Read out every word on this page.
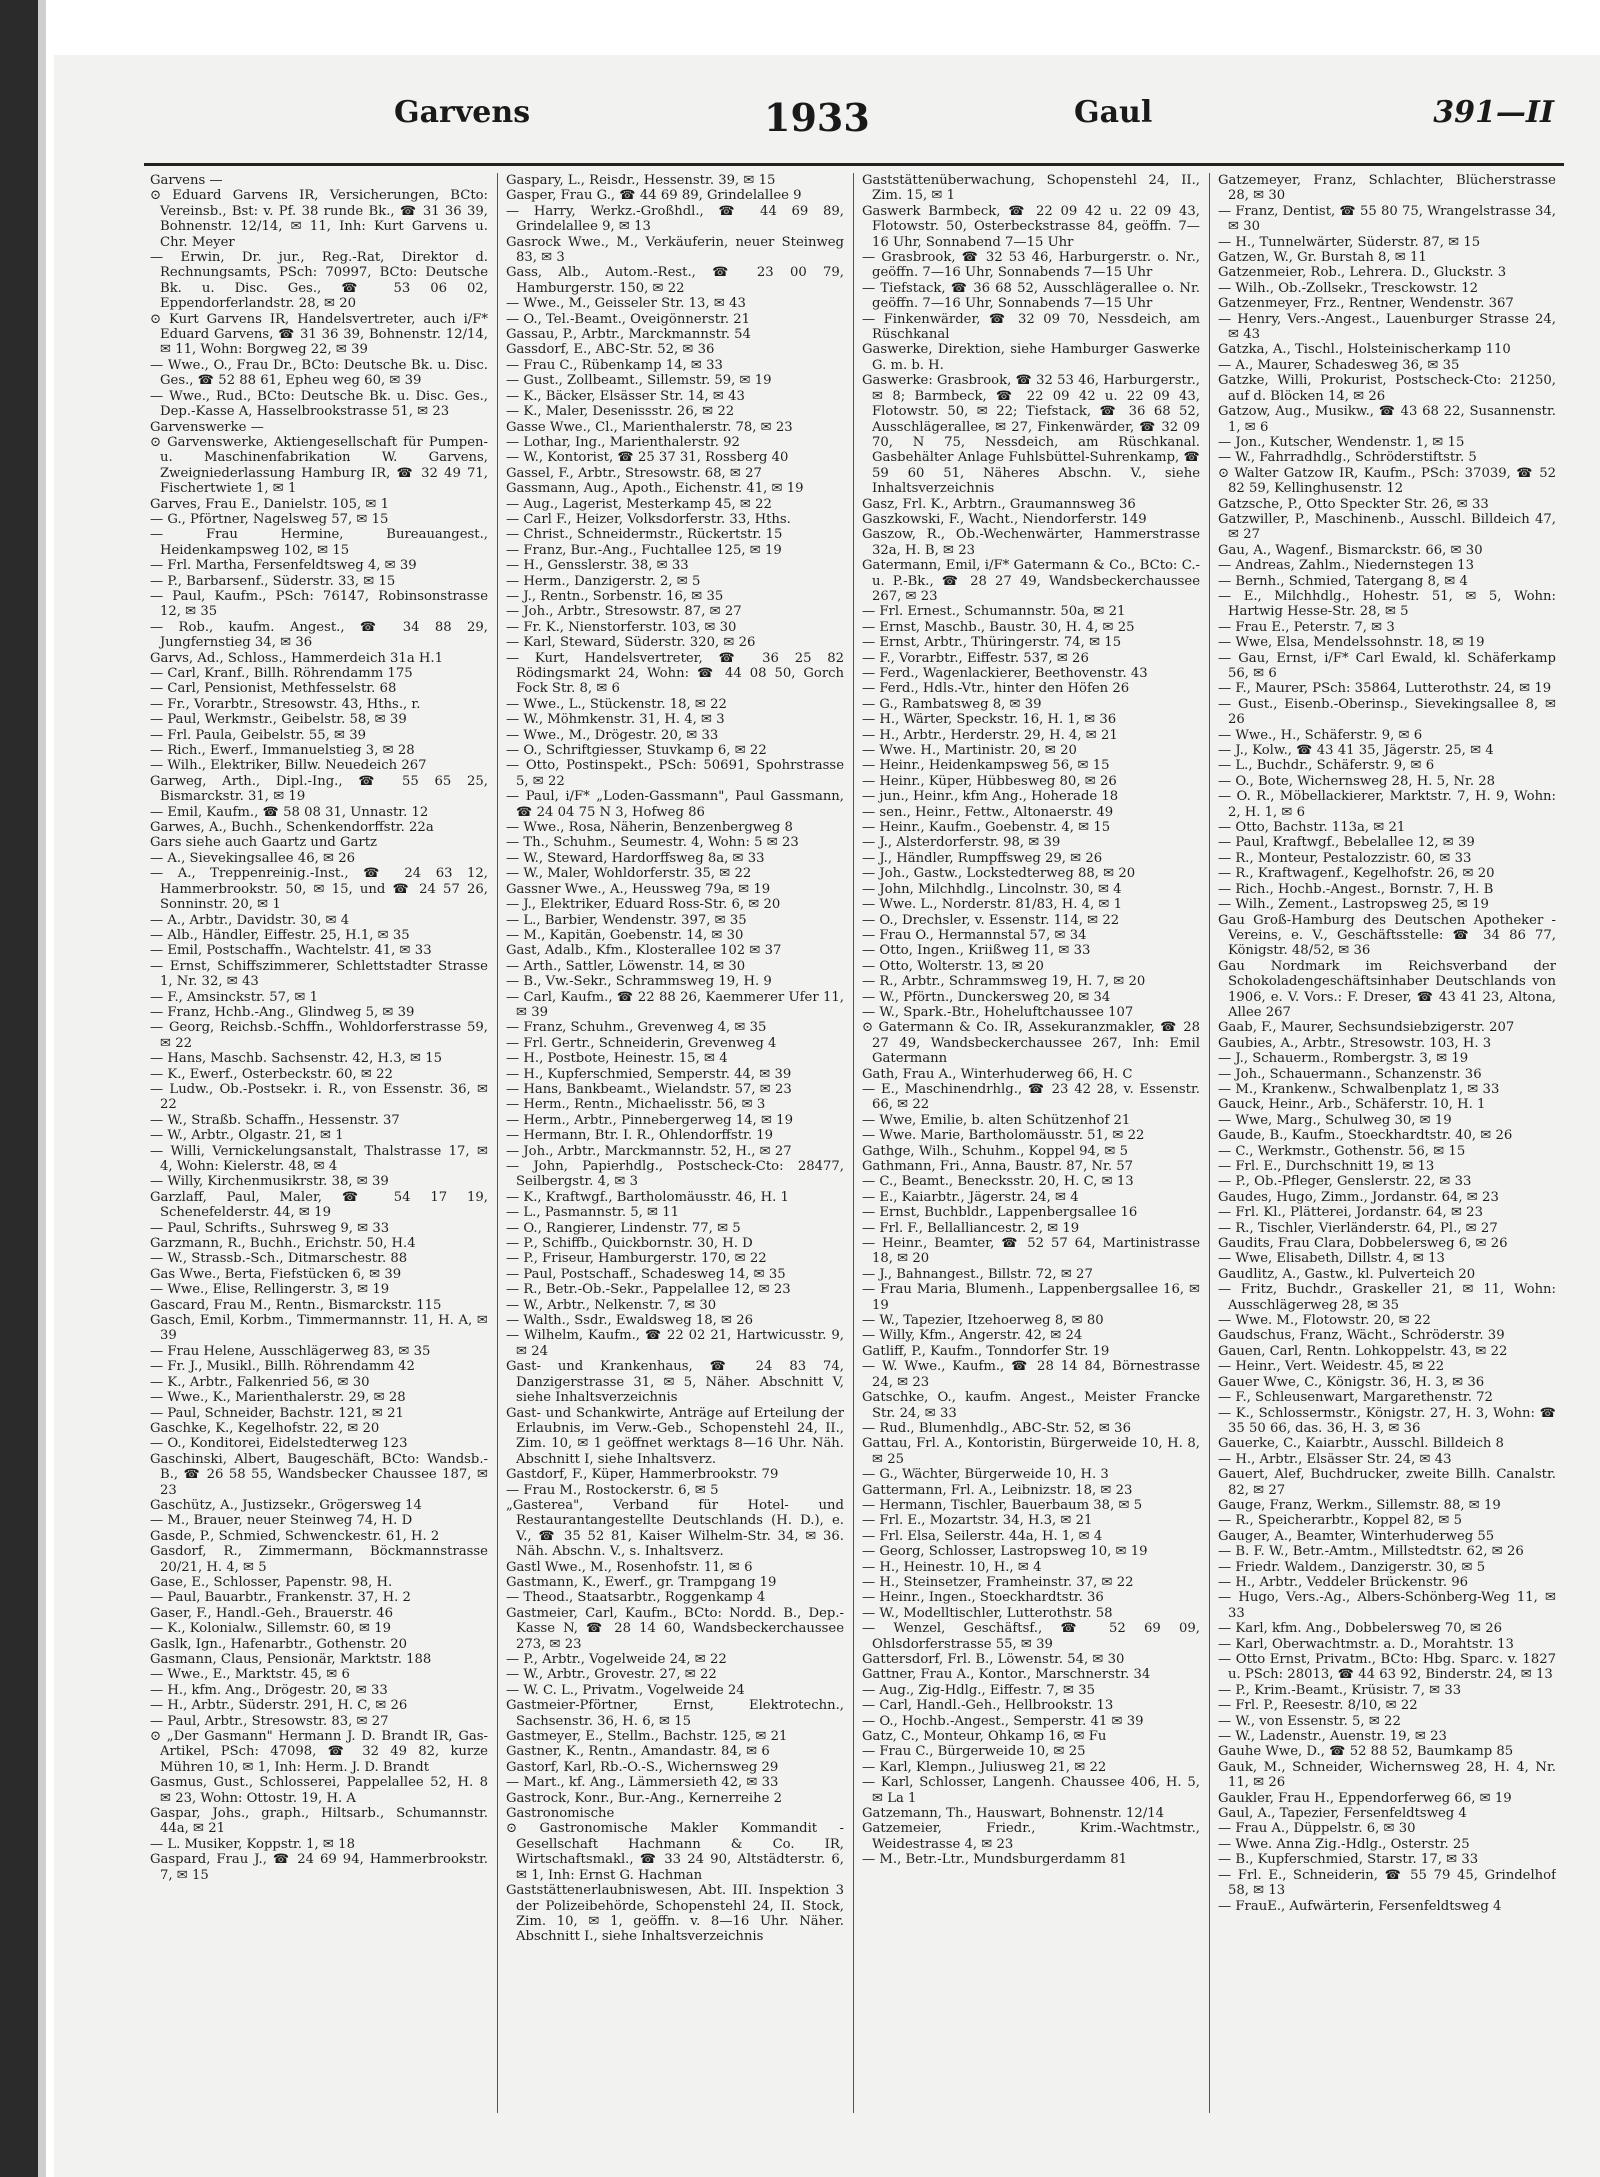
Garvens	1933	Gaul	391—II

Garvens —

⊙ Eduard Garvens IR, Versicherungen, BCto: Vereinsb., Bst: v. Pf. 38 runde Bk., ☎ 31 36 39, Bohnenstr. 12/14, ✉ 11, Inh: Kurt Garvens u. Chr. Meyer

— Erwin, Dr. jur., Reg.-Rat, Direktor d. Rechnungsamts, PSch: 70997, BCto: Deutsche Bk. u. Disc. Ges., ☎ 53 06 02, Eppendorferlandstr. 28, ✉ 20

⊙ Kurt Garvens IR, Handelsvertreter, auch i/F* Eduard Garvens, ☎ 31 36 39, Bohnenstr. 12/14, ✉ 11, Wohn: Borgweg 22, ✉ 39

— Wwe., O., Frau Dr., BCto: Deutsche Bk. u. Disc. Ges., ☎ 52 88 61, Epheu weg 60, ✉ 39

— Wwe., Rud., BCto: Deutsche Bk. u. Disc. Ges., Dep.-Kasse A, Hasselbrookstrasse 51, ✉ 23

Garvenswerke —

⊙ Garvenswerke, Aktiengesellschaft für Pumpen- u. Maschinenfabrikation W. Garvens, Zweigniederlassung Hamburg IR, ☎ 32 49 71, Fischertwiete 1, ✉ 1

Garves, Frau E., Danielstr. 105, ✉ 1

— G., Pförtner, Nagelsweg 57, ✉ 15

— Frau Hermine, Bureauangest., Heidenkampsweg 102, ✉ 15

— Frl. Martha, Fersenfeldtsweg 4, ✉ 39

— P., Barbarsenf., Süderstr. 33, ✉ 15

— Paul, Kaufm., PSch: 76147, Robinsonstrasse 12, ✉ 35

— Rob., kaufm. Angest., ☎ 34 88 29, Jungfernstieg 34, ✉ 36

Garvs, Ad., Schloss., Hammerdeich 31a H.1

— Carl, Kranf., Billh. Röhrendamm 175

— Carl, Pensionist, Methfesselstr. 68

— Fr., Vorarbtr., Stresowstr. 43, Hths., r.

— Paul, Werkmstr., Geibelstr. 58, ✉ 39

— Frl. Paula, Geibelstr. 55, ✉ 39

— Rich., Ewerf., Immanuelstieg 3, ✉ 28

— Wilh., Elektriker, Billw. Neuedeich 267

Garweg, Arth., Dipl.-Ing., ☎ 55 65 25, Bismarckstr. 31, ✉ 19

— Emil, Kaufm., ☎ 58 08 31, Unnastr. 12

Garwes, A., Buchh., Schenkendorffstr. 22a

Gars siehe auch Gaartz und Gartz

— A., Sievekingsallee 46, ✉ 26

— A., Treppenreinig.-Inst., ☎ 24 63 12, Hammerbrookstr. 50, ✉ 15, und ☎ 24 57 26, Sonninstr. 20, ✉ 1

— A., Arbtr., Davidstr. 30, ✉ 4

— Alb., Händler, Eiffestr. 25, H.1, ✉ 35

— Emil, Postschaffn., Wachtelstr. 41, ✉ 33

— Ernst, Schiffszimmerer, Schlettstadter Strasse 1, Nr. 32, ✉ 43

— F., Amsinckstr. 57, ✉ 1

— Franz, Hchb.-Ang., Glindweg 5, ✉ 39

— Georg, Reichsb.-Schffn., Wohldorferstrasse 59, ✉ 22

— Hans, Maschb. Sachsenstr. 42, H.3, ✉ 15

— K., Ewerf., Osterbeckstr. 60, ✉ 22

— Ludw., Ob.-Postsekr. i. R., von Essenstr. 36, ✉ 22

— W., Straßb. Schaffn., Hessenstr. 37

— W., Arbtr., Olgastr. 21, ✉ 1

— Willi, Vernickelungsanstalt, Thalstrasse 17, ✉ 4, Wohn: Kielerstr. 48, ✉ 4

— Willy, Kirchenmusikrstr. 38, ✉ 39

Garzlaff, Paul, Maler, ☎ 54 17 19, Schenefelderstr. 44, ✉ 19

— Paul, Schrifts., Suhrsweg 9, ✉ 33

Garzmann, R., Buchh., Erichstr. 50, H.4

— W., Strassb.-Sch., Ditmarschestr. 88

Gas Wwe., Berta, Fiefstücken 6, ✉ 39

— Wwe., Elise, Rellingerstr. 3, ✉ 19

Gascard, Frau M., Rentn., Bismarckstr. 115

Gasch, Emil, Korbm., Timmermannstr. 11, H. A, ✉ 39

— Frau Helene, Ausschlägerweg 83, ✉ 35

— Fr. J., Musikl., Billh. Röhrendamm 42

— K., Arbtr., Falkenried 56, ✉ 30

— Wwe., K., Marienthalerstr. 29, ✉ 28

— Paul, Schneider, Bachstr. 121, ✉ 21

Gaschke, K., Kegelhofstr. 22, ✉ 20

— O., Konditorei, Eidelstedterweg 123

Gaschinski, Albert, Baugeschäft, BCto: Wandsb.-B., ☎ 26 58 55, Wandsbecker Chaussee 187, ✉ 23

Gaschütz, A., Justizsekr., Grögersweg 14

— M., Brauer, neuer Steinweg 74, H. D

Gasde, P., Schmied, Schwenckestr. 61, H. 2

Gasdorf, R., Zimmermann, Böckmannstrasse 20/21, H. 4, ✉ 5

Gase, E., Schlosser, Papenstr. 98, H.

— Paul, Bauarbtr., Frankenstr. 37, H. 2

Gaser, F., Handl.-Geh., Brauerstr. 46

— K., Kolonialw., Sillemstr. 60, ✉ 19

Gaslk, Ign., Hafenarbtr., Gothenstr. 20

Gasmann, Claus, Pensionär, Marktstr. 188

— Wwe., E., Marktstr. 45, ✉ 6

— H., kfm. Ang., Drögestr. 20, ✉ 33

— H., Arbtr., Süderstr. 291, H. C, ✉ 26

— Paul, Arbtr., Stresowstr. 83, ✉ 27

⊙ „Der Gasmann" Hermann J. D. Brandt IR, Gas-Artikel, PSch: 47098, ☎ 32 49 82, kurze Mühren 10, ✉ 1, Inh: Herm. J. D. Brandt

Gasmus, Gust., Schlosserei, Pappelallee 52, H. 8 ✉ 23, Wohn: Ottostr. 19, H. A

Gaspar, Johs., graph., Hiltsarb., Schumannstr. 44a, ✉ 21

— L. Musiker, Koppstr. 1, ✉ 18

Gaspard, Frau J., ☎ 24 69 94, Hammerbrookstr. 7, ✉ 15

Gaspary, L., Reisdr., Hessenstr. 39, ✉ 15

Gasper, Frau G., ☎ 44 69 89, Grindelallee 9

— Harry, Werkz.-Großhdl., ☎ 44 69 89, Grindelallee 9, ✉ 13

Gasrock Wwe., M., Verkäuferin, neuer Steinweg 83, ✉ 3

Gass, Alb., Autom.-Rest., ☎ 23 00 79, Hamburgerstr. 150, ✉ 22

— Wwe., M., Geisseler Str. 13, ✉ 43

— O., Tel.-Beamt., Oveigönnerstr. 21

Gassau, P., Arbtr., Marckmannstr. 54

Gassdorf, E., ABC-Str. 52, ✉ 36

— Frau C., Rübenkamp 14, ✉ 33

— Gust., Zollbeamt., Sillemstr. 59, ✉ 19

— K., Bäcker, Elsässer Str. 14, ✉ 43

— K., Maler, Desenissstr. 26, ✉ 22

Gasse Wwe., Cl., Marienthalerstr. 78, ✉ 23

— Lothar, Ing., Marienthalerstr. 92

— W., Kontorist, ☎ 25 37 31, Rossberg 40

Gassel, F., Arbtr., Stresowstr. 68, ✉ 27

Gassmann, Aug., Apoth., Eichenstr. 41, ✉ 19

— Aug., Lagerist, Mesterkamp 45, ✉ 22

— Carl F., Heizer, Volksdorferstr. 33, Hths.

— Christ., Schneidermstr., Rückertstr. 15

— Franz, Bur.-Ang., Fuchtallee 125, ✉ 19

— H., Gensslerstr. 38, ✉ 33

— Herm., Danzigerstr. 2, ✉ 5

— J., Rentn., Sorbenstr. 16, ✉ 35

— Joh., Arbtr., Stresowstr. 87, ✉ 27

— Fr. K., Nienstorferstr. 103, ✉ 30

— Karl, Steward, Süderstr. 320, ✉ 26

— Kurt, Handelsvertreter, ☎ 36 25 82 Rödingsmarkt 24, Wohn: ☎ 44 08 50, Gorch Fock Str. 8, ✉ 6

— Wwe., L., Stückenstr. 18, ✉ 22

— W., Möhmkenstr. 31, H. 4, ✉ 3

— Wwe., M., Drögestr. 20, ✉ 33

— O., Schriftgiesser, Stuvkamp 6, ✉ 22

— Otto, Postinspekt., PSch: 50691, Spohrstrasse 5, ✉ 22

— Paul, i/F* „Loden-Gassmann", Paul Gassmann, ☎ 24 04 75 N 3, Hofweg 86

— Wwe., Rosa, Näherin, Benzenbergweg 8

— Th., Schuhm., Seumestr. 4, Wohn: 5 ✉ 23

— W., Steward, Hardorffsweg 8a, ✉ 33

— W., Maler, Wohldorferstr. 35, ✉ 22

Gassner Wwe., A., Heussweg 79a, ✉ 19

— J., Elektriker, Eduard Ross-Str. 6, ✉ 20

— L., Barbier, Wendenstr. 397, ✉ 35

— M., Kapitän, Goebenstr. 14, ✉ 30

Gast, Adalb., Kfm., Klosterallee 102 ✉ 37

— Arth., Sattler, Löwenstr. 14, ✉ 30

— B., Vw.-Sekr., Schrammsweg 19, H. 9

— Carl, Kaufm., ☎ 22 88 26, Kaemmerer Ufer 11, ✉ 39

— Franz, Schuhm., Grevenweg 4, ✉ 35

— Frl. Gertr., Schneiderin, Grevenweg 4

— H., Postbote, Heinestr. 15, ✉ 4

— H., Kupferschmied, Semperstr. 44, ✉ 39

— Hans, Bankbeamt., Wielandstr. 57, ✉ 23

— Herm., Rentn., Michaelisstr. 56, ✉ 3

— Herm., Arbtr., Pinnebergerweg 14, ✉ 19

— Hermann, Btr. I. R., Ohlendorffstr. 19

— Joh., Arbtr., Marckmannstr. 52, H., ✉ 27

— John, Papierhdlg., Postscheck-Cto: 28477, Seilbergstr. 4, ✉ 3

— K., Kraftwgf., Bartholomäusstr. 46, H. 1

— L., Pasmannstr. 5, ✉ 11

— O., Rangierer, Lindenstr. 77, ✉ 5

— P., Schiffb., Quickbornstr. 30, H. D

— P., Friseur, Hamburgerstr. 170, ✉ 22

— Paul, Postschaff., Schadesweg 14, ✉ 35

— R., Betr.-Ob.-Sekr., Pappelallee 12, ✉ 23

— W., Arbtr., Nelkenstr. 7, ✉ 30

— Walth., Ssdr., Ewaldsweg 18, ✉ 26

— Wilhelm, Kaufm., ☎ 22 02 21, Hartwicusstr. 9, ✉ 24

Gast- und Krankenhaus, ☎ 24 83 74, Danzigerstrasse 31, ✉ 5, Näher. Abschnitt V, siehe Inhaltsverzeichnis

Gast- und Schankwirte, Anträge auf Erteilung der Erlaubnis, im Verw.-Geb., Schopenstehl 24, II., Zim. 10, ✉ 1 geöffnet werktags 8—16 Uhr. Näh. Abschnitt I, siehe Inhaltsverz.

Gastdorf, F., Küper, Hammerbrookstr. 79

— Frau M., Rostockerstr. 6, ✉ 5

„Gasterea", Verband für Hotel- und Restaurantangestellte Deutschlands (H. D.), e. V., ☎ 35 52 81, Kaiser Wilhelm-Str. 34, ✉ 36. Näh. Abschn. V., s. Inhaltsverz.

Gastl Wwe., M., Rosenhofstr. 11, ✉ 6

Gastmann, K., Ewerf., gr. Trampgang 19

— Theod., Staatsarbtr., Roggenkamp 4

Gastmeier, Carl, Kaufm., BCto: Nordd. B., Dep.-Kasse N, ☎ 28 14 60, Wandsbeckerchaussee 273, ✉ 23

— P., Arbtr., Vogelweide 24, ✉ 22

— W., Arbtr., Grovestr. 27, ✉ 22

— W. C. L., Privatm., Vogelweide 24

Gastmeier-Pförtner, Ernst, Elektrotechn., Sachsenstr. 36, H. 6, ✉ 15

Gastmeyer, E., Stellm., Bachstr. 125, ✉ 21

Gastner, K., Rentn., Amandastr. 84, ✉ 6

Gastorf, Karl, Rb.-O.-S., Wichernsweg 29

— Mart., kf. Ang., Lämmersieth 42, ✉ 33

Gastrock, Konr., Bur.-Ang., Kernerreihe 2

Gastronomische

⊙ Gastronomische Makler Kommandit - Gesellschaft Hachmann & Co. IR, Wirtschaftsmakl., ☎ 33 24 90, Altstädterstr. 6, ✉ 1, Inh: Ernst G. Hachman

Gaststättenerlaubniswesen, Abt. III. Inspektion 3 der Polizeibehörde, Schopenstehl 24, II. Stock, Zim. 10, ✉ 1, geöffn. v. 8—16 Uhr. Näher. Abschnitt I., siehe Inhaltsverzeichnis

Gaststättenüberwachung, Schopenstehl 24, II., Zim. 15, ✉ 1

Gaswerk Barmbeck, ☎ 22 09 42 u. 22 09 43, Flotowstr. 50, Osterbeckstrasse 84, geöffn. 7—16 Uhr, Sonnabend 7—15 Uhr

— Grasbrook, ☎ 32 53 46, Harburgerstr. o. Nr., geöffn. 7—16 Uhr, Sonnabends 7—15 Uhr

— Tiefstack, ☎ 36 68 52, Ausschlägerallee o. Nr. geöffn. 7—16 Uhr, Sonnabends 7—15 Uhr

— Finkenwärder, ☎ 32 09 70, Nessdeich, am Rüschkanal

Gaswerke, Direktion, siehe Hamburger Gaswerke G. m. b. H.

Gaswerke: Grasbrook, ☎ 32 53 46, Harburgerstr., ✉ 8; Barmbeck, ☎ 22 09 42 u. 22 09 43, Flotowstr. 50, ✉ 22; Tiefstack, ☎ 36 68 52, Ausschlägerallee, ✉ 27, Finkenwärder, ☎ 32 09 70, N 75, Nessdeich, am Rüschkanal. Gasbehälter Anlage Fuhlsbüttel-Suhrenkamp, ☎ 59 60 51, Näheres Abschn. V., siehe Inhaltsverzeichnis

Gasz, Frl. K., Arbtrn., Graumannsweg 36

Gaszkowski, F., Wacht., Niendorferstr. 149

Gaszow, R., Ob.-Wechenwärter, Hammerstrasse 32a, H. B, ✉ 23

Gatermann, Emil, i/F* Gatermann & Co., BCto: C.-u. P.-Bk., ☎ 28 27 49, Wandsbeckerchaussee 267, ✉ 23

— Frl. Ernest., Schumannstr. 50a, ✉ 21

— Ernst, Maschb., Baustr. 30, H. 4, ✉ 25

— Ernst, Arbtr., Thüringerstr. 74, ✉ 15

— F., Vorarbtr., Eiffestr. 537, ✉ 26

— Ferd., Wagenlackierer, Beethovenstr. 43

— Ferd., Hdls.-Vtr., hinter den Höfen 26

— G., Rambatsweg 8, ✉ 39

— H., Wärter, Speckstr. 16, H. 1, ✉ 36

— H., Arbtr., Herderstr. 29, H. 4, ✉ 21

— Wwe. H., Martinistr. 20, ✉ 20

— Heinr., Heidenkampsweg 56, ✉ 15

— Heinr., Küper, Hübbesweg 80, ✉ 26

— jun., Heinr., kfm Ang., Hoherade 18

— sen., Heinr., Fettw., Altonaerstr. 49

— Heinr., Kaufm., Goebenstr. 4, ✉ 15

— J., Alsterdorferstr. 98, ✉ 39

— J., Händler, Rumpffsweg 29, ✉ 26

— Joh., Gastw., Lockstedterweg 88, ✉ 20

— John, Milchhdlg., Lincolnstr. 30, ✉ 4

— Wwe. L., Norderstr. 81/83, H. 4, ✉ 1

— O., Drechsler, v. Essenstr. 114, ✉ 22

— Frau O., Hermannstal 57, ✉ 34

— Otto, Ingen., Kriißweg 11, ✉ 33

— Otto, Wolterstr. 13, ✉ 20

— R., Arbtr., Schrammsweg 19, H. 7, ✉ 20

— W., Pförtn., Dunckersweg 20, ✉ 34

— W., Spark.-Btr., Hoheluftchaussee 107

⊙ Gatermann & Co. IR, Assekuranzmakler, ☎ 28 27 49, Wandsbeckerchaussee 267, Inh: Emil Gatermann

Gath, Frau A., Winterhuderweg 66, H. C

— E., Maschinendrhlg., ☎ 23 42 28, v. Essenstr. 66, ✉ 22

— Wwe, Emilie, b. alten Schützenhof 21

— Wwe. Marie, Bartholomäusstr. 51, ✉ 22

Gathge, Wilh., Schuhm., Koppel 94, ✉ 5

Gathmann, Fri., Anna, Baustr. 87, Nr. 57

— C., Beamt., Benecksstr. 20, H. C, ✉ 13

— E., Kaiarbtr., Jägerstr. 24, ✉ 4

— Ernst, Buchbldr., Lappenbergsallee 16

— Frl. F., Bellalliancestr. 2, ✉ 19

— Heinr., Beamter, ☎ 52 57 64, Martinistrasse 18, ✉ 20

— J., Bahnangest., Billstr. 72, ✉ 27

— Frau Maria, Blumenh., Lappenbergsallee 16, ✉ 19

— W., Tapezier, Itzehoerweg 8, ✉ 80

— Willy, Kfm., Angerstr. 42, ✉ 24

Gatliff, P., Kaufm., Tonndorfer Str. 19

— W. Wwe., Kaufm., ☎ 28 14 84, Börnestrasse 24, ✉ 23

Gatschke, O., kaufm. Angest., Meister Francke Str. 24, ✉ 33

— Rud., Blumenhdlg., ABC-Str. 52, ✉ 36

Gattau, Frl. A., Kontoristin, Bürgerweide 10, H. 8, ✉ 25

— G., Wächter, Bürgerweide 10, H. 3

Gattermann, Frl. A., Leibnizstr. 18, ✉ 23

— Hermann, Tischler, Bauerbaum 38, ✉ 5

— Frl. E., Mozartstr. 34, H.3, ✉ 21

— Frl. Elsa, Seilerstr. 44a, H. 1, ✉ 4

— Georg, Schlosser, Lastropsweg 10, ✉ 19

— H., Heinestr. 10, H., ✉ 4

— H., Steinsetzer, Framheinstr. 37, ✉ 22

— Heinr., Ingen., Stoeckhardtstr. 36

— W., Modelltischler, Lutterothstr. 58

— Wenzel, Geschäftsf., ☎ 52 69 09, Ohlsdorferstrasse 55, ✉ 39

Gattersdorf, Frl. B., Löwenstr. 54, ✉ 30

Gattner, Frau A., Kontor., Marschnerstr. 34

— Aug., Zig-Hdlg., Eiffestr. 7, ✉ 35

— Carl, Handl.-Geh., Hellbrookstr. 13

— O., Hochb.-Angest., Semperstr. 41 ✉ 39

Gatz, C., Monteur, Ohkamp 16, ✉ Fu

— Frau C., Bürgerweide 10, ✉ 25

— Karl, Klempn., Juliusweg 21, ✉ 22

— Karl, Schlosser, Langenh. Chaussee 406, H. 5, ✉ La 1

Gatzemann, Th., Hauswart, Bohnenstr. 12/14

Gatzemeier, Friedr., Krim.-Wachtmstr., Weidestrasse 4, ✉ 23

— M., Betr.-Ltr., Mundsburgerdamm 81

Gatzemeyer, Franz, Schlachter, Blücherstrasse 28, ✉ 30

— Franz, Dentist, ☎ 55 80 75, Wrangelstrasse 34, ✉ 30

— H., Tunnelwärter, Süderstr. 87, ✉ 15

Gatzen, W., Gr. Burstah 8, ✉ 11

Gatzenmeier, Rob., Lehrera. D., Gluckstr. 3

— Wilh., Ob.-Zollsekr., Tresckowstr. 12

Gatzenmeyer, Frz., Rentner, Wendenstr. 367

— Henry, Vers.-Angest., Lauenburger Strasse 24, ✉ 43

Gatzka, A., Tischl., Holsteinischerkamp 110

— A., Maurer, Schadesweg 36, ✉ 35

Gatzke, Willi, Prokurist, Postscheck-Cto: 21250, auf d. Blöcken 14, ✉ 26

Gatzow, Aug., Musikw., ☎ 43 68 22, Susannenstr. 1, ✉ 6

— Jon., Kutscher, Wendenstr. 1, ✉ 15

— W., Fahrradhdlg., Schröderstiftstr. 5

⊙ Walter Gatzow IR, Kaufm., PSch: 37039, ☎ 52 82 59, Kellinghusenstr. 12

Gatzsche, P., Otto Speckter Str. 26, ✉ 33

Gatzwiller, P., Maschinenb., Ausschl. Billdeich 47, ✉ 27

Gau, A., Wagenf., Bismarckstr. 66, ✉ 30

— Andreas, Zahlm., Niedernstegen 13

— Bernh., Schmied, Tatergang 8, ✉ 4

— E., Milchhdlg., Hohestr. 51, ✉ 5, Wohn: Hartwig Hesse-Str. 28, ✉ 5

— Frau E., Peterstr. 7, ✉ 3

— Wwe, Elsa, Mendelssohnstr. 18, ✉ 19

— Gau, Ernst, i/F* Carl Ewald, kl. Schäferkamp 56, ✉ 6

— F., Maurer, PSch: 35864, Lutterothstr. 24, ✉ 19

— Gust., Eisenb.-Oberinsp., Sievekingsallee 8, ✉ 26

— Wwe., H., Schäferstr. 9, ✉ 6

— J., Kolw., ☎ 43 41 35, Jägerstr. 25, ✉ 4

— L., Buchdr., Schäferstr. 9, ✉ 6

— O., Bote, Wichernsweg 28, H. 5, Nr. 28

— O. R., Möbellackierer, Marktstr. 7, H. 9, Wohn: 2, H. 1, ✉ 6

— Otto, Bachstr. 113a, ✉ 21

— Paul, Kraftwgf., Bebelallee 12, ✉ 39

— R., Monteur, Pestalozzistr. 60, ✉ 33

— R., Kraftwagenf., Kegelhofstr. 26, ✉ 20

— Rich., Hochb.-Angest., Bornstr. 7, H. B

— Wilh., Zement., Lastropsweg 25, ✉ 19

Gau Groß-Hamburg des Deutschen Apotheker - Vereins, e. V., Geschäftsstelle: ☎ 34 86 77, Königstr. 48/52, ✉ 36

Gau Nordmark im Reichsverband der Schokoladengeschäftsinhaber Deutschlands von 1906, e. V. Vors.: F. Dreser, ☎ 43 41 23, Altona, Allee 267

Gaab, F., Maurer, Sechsundsiebzigerstr. 207

Gaubies, A., Arbtr., Stresowstr. 103, H. 3

— J., Schauerm., Rombergstr. 3, ✉ 19

— Joh., Schauermann., Schanzenstr. 36

— M., Krankenw., Schwalbenplatz 1, ✉ 33

Gauck, Heinr., Arb., Schäferstr. 10, H. 1

— Wwe, Marg., Schulweg 30, ✉ 19

Gaude, B., Kaufm., Stoeckhardtstr. 40, ✉ 26

— C., Werkmstr., Gothenstr. 56, ✉ 15

— Frl. E., Durchschnitt 19, ✉ 13

— P., Ob.-Pfleger, Genslerstr. 22, ✉ 33

Gaudes, Hugo, Zimm., Jordanstr. 64, ✉ 23

— Frl. Kl., Plätterei, Jordanstr. 64, ✉ 23

— R., Tischler, Vierländerstr. 64, Pl., ✉ 27

Gaudits, Frau Clara, Dobbelersweg 6, ✉ 26

— Wwe, Elisabeth, Dillstr. 4, ✉ 13

Gaudlitz, A., Gastw., kl. Pulverteich 20

— Fritz, Buchdr., Graskeller 21, ✉ 11, Wohn: Ausschlägerweg 28, ✉ 35

— Wwe. M., Flotowstr. 20, ✉ 22

Gaudschus, Franz, Wächt., Schröderstr. 39

Gauen, Carl, Rentn. Lohkoppelstr. 43, ✉ 22

— Heinr., Vert. Weidestr. 45, ✉ 22

Gauer Wwe, C., Königstr. 36, H. 3, ✉ 36

— F., Schleusenwart, Margarethenstr. 72

— K., Schlossermstr., Königstr. 27, H. 3, Wohn: ☎ 35 50 66, das. 36, H. 3, ✉ 36

Gauerke, C., Kaiarbtr., Ausschl. Billdeich 8

— H., Arbtr., Elsässer Str. 24, ✉ 43

Gauert, Alef, Buchdrucker, zweite Billh. Canalstr. 82, ✉ 27

Gauge, Franz, Werkm., Sillemstr. 88, ✉ 19

— R., Speicherarbtr., Koppel 82, ✉ 5

Gauger, A., Beamter, Winterhuderweg 55

— B. F. W., Betr.-Amtm., Millstedtstr. 62, ✉ 26

— Friedr. Waldem., Danzigerstr. 30, ✉ 5

— H., Arbtr., Veddeler Brückenstr. 96

— Hugo, Vers.-Ag., Albers-Schönberg-Weg 11, ✉ 33

— Karl, kfm. Ang., Dobbelersweg 70, ✉ 26

— Karl, Oberwachtmstr. a. D., Morahtstr. 13

— Otto Ernst, Privatm., BCto: Hbg. Sparc. v. 1827 u. PSch: 28013, ☎ 44 63 92, Binderstr. 24, ✉ 13

— P., Krim.-Beamt., Krüsistr. 7, ✉ 33

— Frl. P., Reesestr. 8/10, ✉ 22

— W., von Essenstr. 5, ✉ 22

— W., Ladenstr., Auenstr. 19, ✉ 23

Gauhe Wwe, D., ☎ 52 88 52, Baumkamp 85

Gauk, M., Schneider, Wichernsweg 28, H. 4, Nr. 11, ✉ 26

Gaukler, Frau H., Eppendorferweg 66, ✉ 19

Gaul, A., Tapezier, Fersenfeldtsweg 4

— Frau A., Düppelstr. 6, ✉ 30

— Wwe. Anna Zig.-Hdlg., Osterstr. 25

— B., Kupferschmied, Starstr. 17, ✉ 33

— Frl. E., Schneiderin, ☎ 55 79 45, Grindelhof 58, ✉ 13

— FrauE., Aufwärterin, Fersenfeldtsweg 4
